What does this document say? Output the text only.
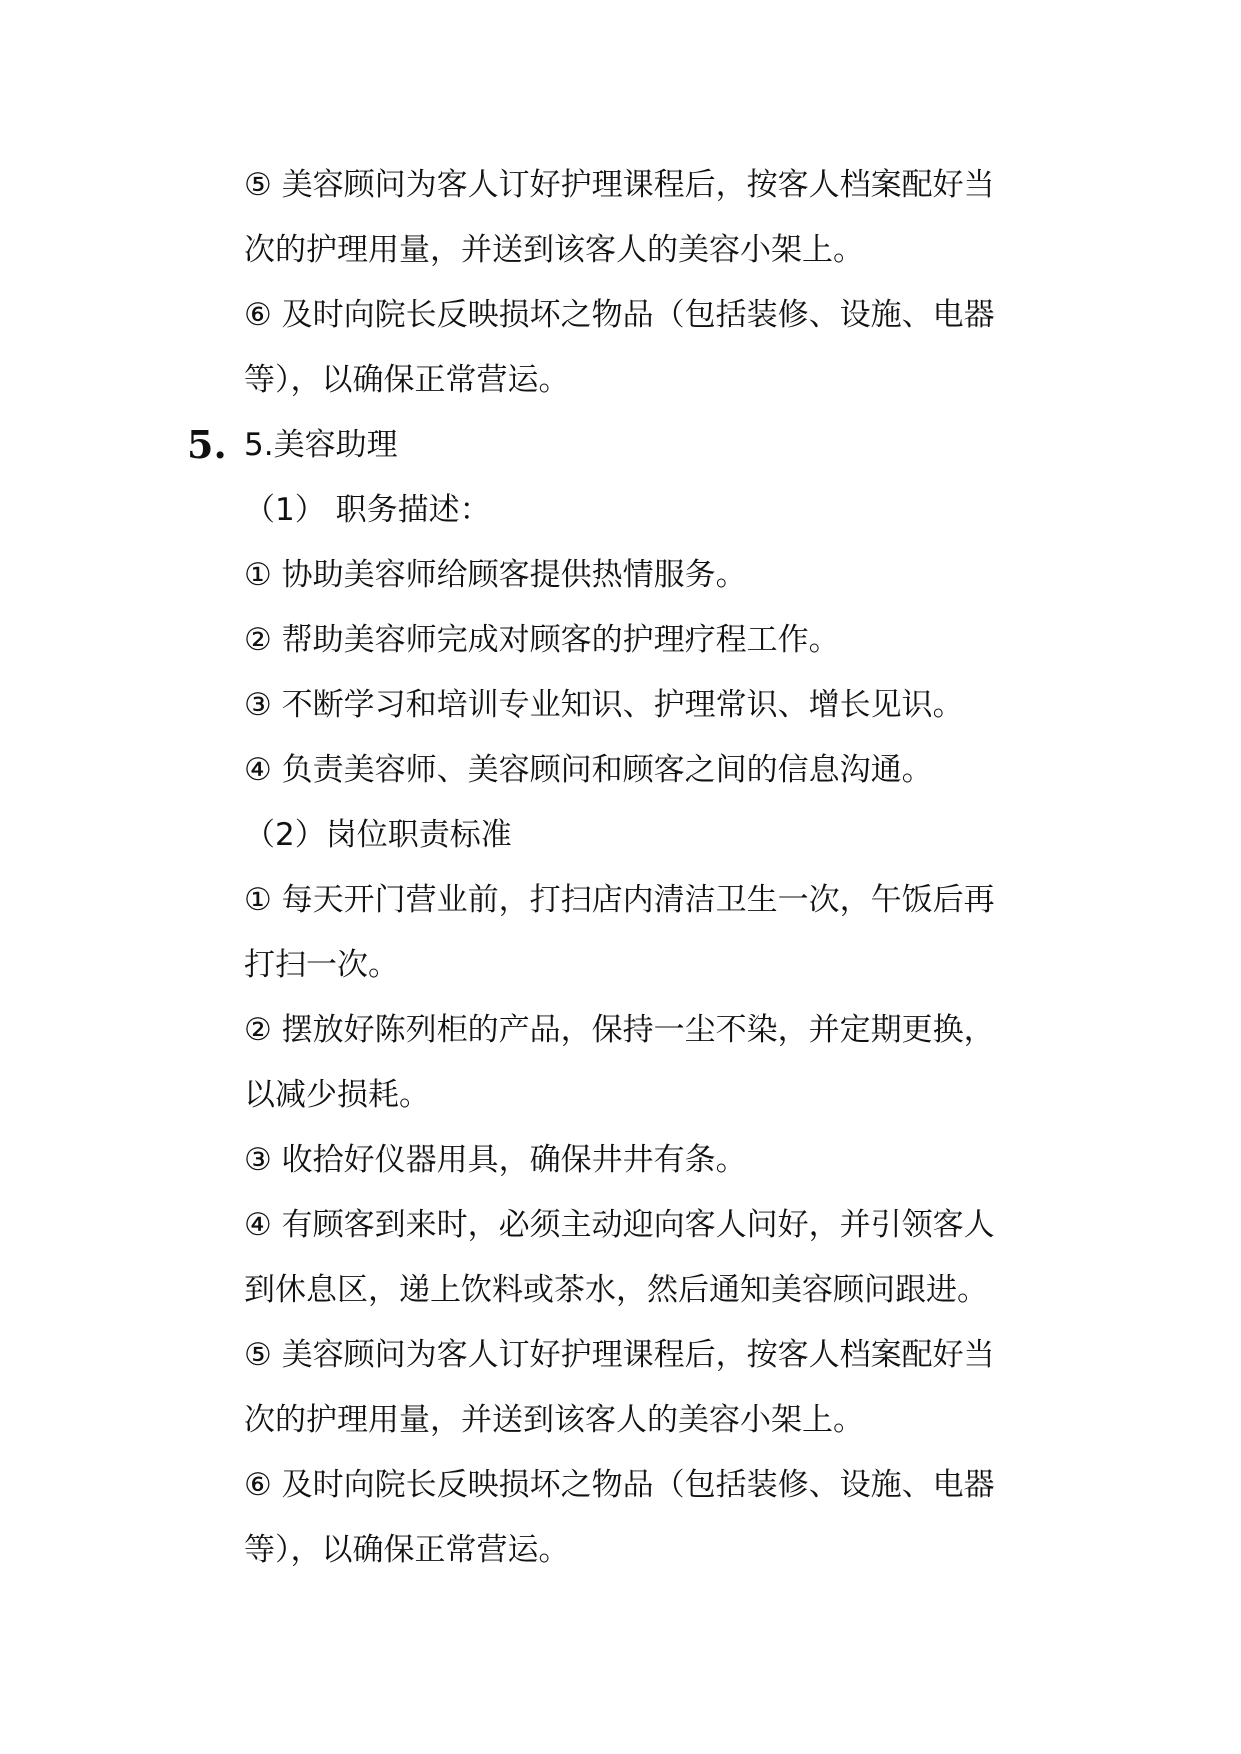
5.
⑤ 美容顾问为客人订好护理课程后，按客人档案配好当
次的护理用量，并送到该客人的美容小架上。
⑥ 及时向院长反映损坏之物品（包括装修、设施、电器
等），以确保正常营运。
5.美容助理
（1） 职务描述：
① 协助美容师给顾客提供热情服务。
② 帮助美容师完成对顾客的护理疗程工作。
③ 不断学习和培训专业知识、护理常识、增长见识。
④ 负责美容师、美容顾问和顾客之间的信息沟通。
（2）岗位职责标准
① 每天开门营业前，打扫店内清洁卫生一次，午饭后再
打扫一次。
② 摆放好陈列柜的产品，保持一尘不染，并定期更换，
以减少损耗。
③ 收拾好仪器用具，确保井井有条。
④ 有顾客到来时，必须主动迎向客人问好，并引领客人
到休息区，递上饮料或茶水，然后通知美容顾问跟进。
⑤ 美容顾问为客人订好护理课程后，按客人档案配好当
次的护理用量，并送到该客人的美容小架上。
⑥ 及时向院长反映损坏之物品（包括装修、设施、电器
等），以确保正常营运。
